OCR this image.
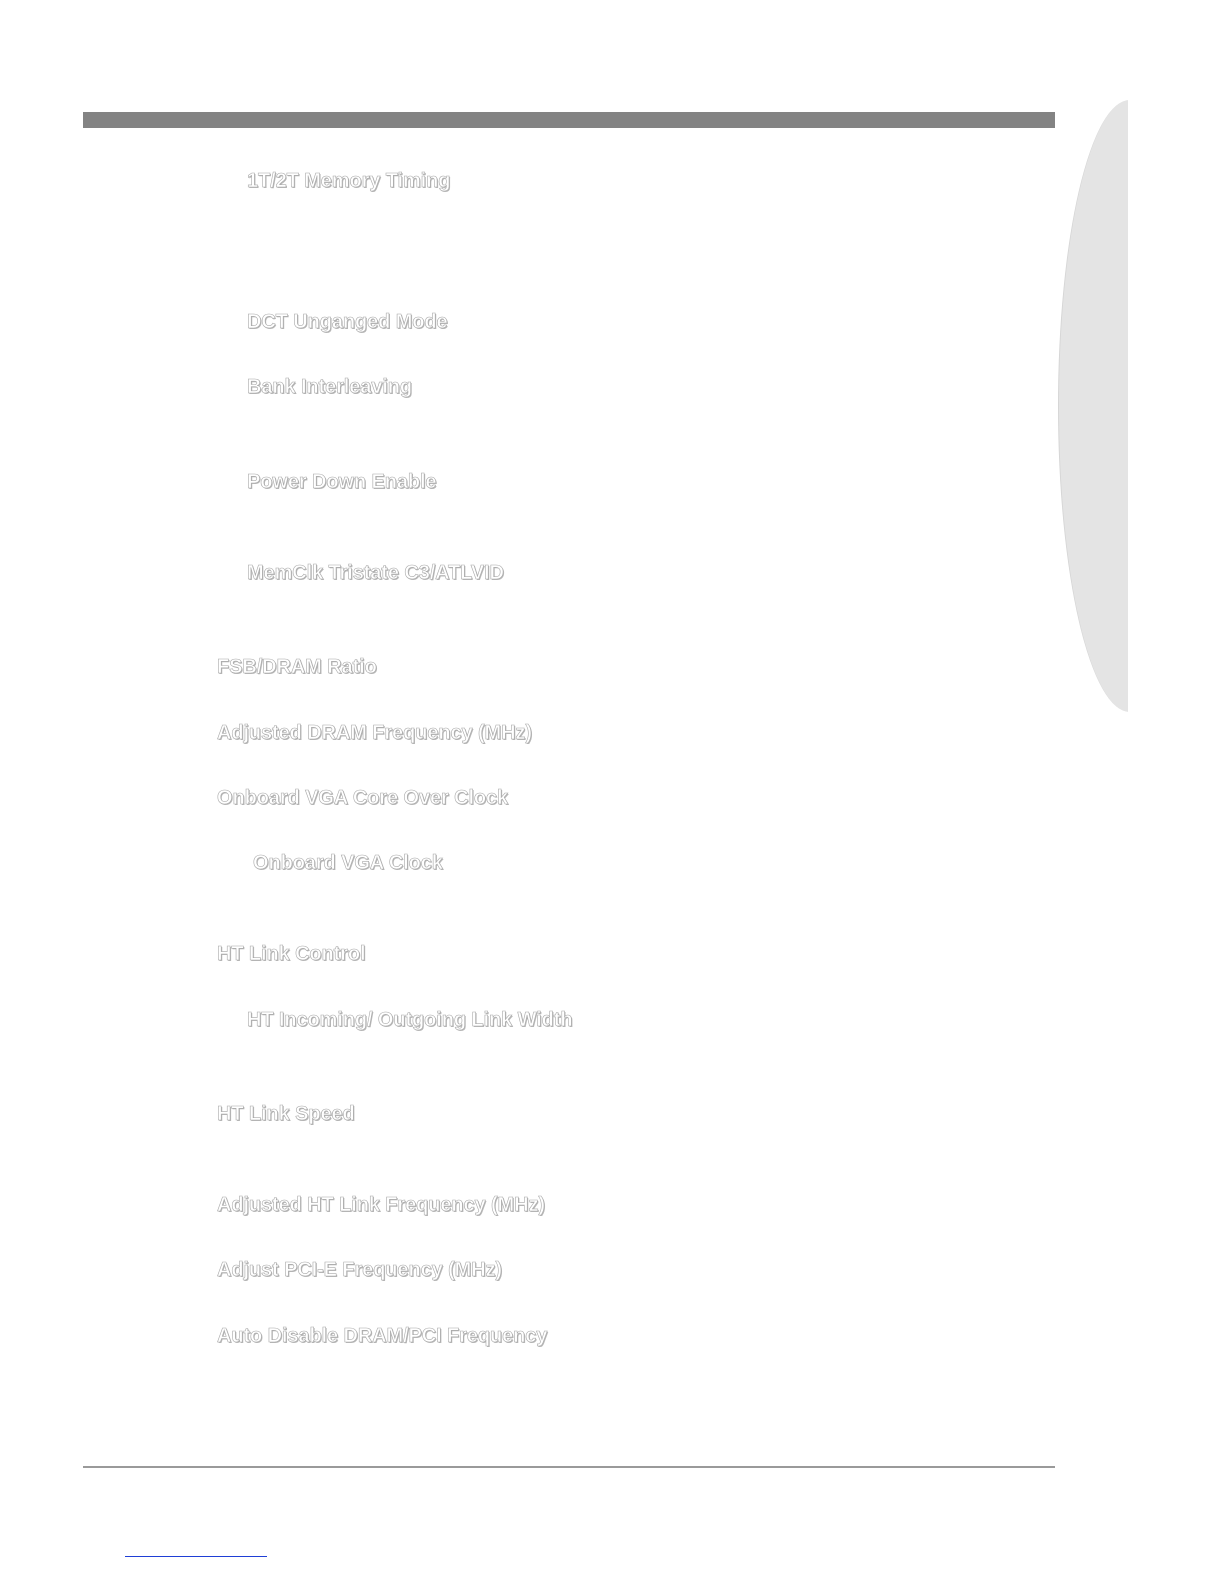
1T/2T Memory Timing
DCT Unganged Mode
Bank Interleaving
Power Down Enable
MemClk Tristate C3/ATLVID
FSB/DRAM Ratio
Adjusted DRAM Frequency (MHz)
Onboard VGA Core Over Clock
Onboard VGA Clock
HT Link Control
HT Incoming/ Outgoing Link Width
HT Link Speed
Adjusted HT Link Frequency (MHz)
Adjust PCI-E Frequency (MHz)
Auto Disable DRAM/PCI Frequency
